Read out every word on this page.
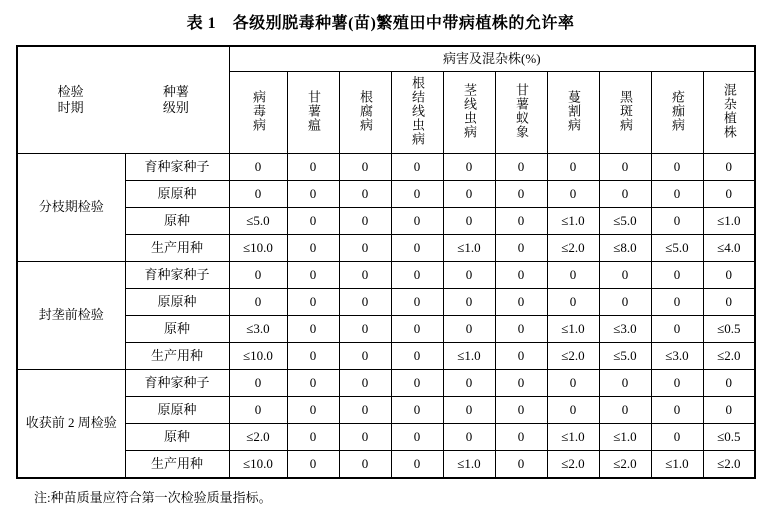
表 1　各级别脱毒种薯(苗)繁殖田中带病植株的允许率
检验
时期
种薯
级别		病害及混杂株(%)									
		病毒病	甘薯瘟	根腐病	根结线虫病	茎线虫病	甘薯蚁象	蔓割病	黑斑病	疮痂病	混杂植株
分枝期检验	育种家种子	0	0	0	0	0	0	0	0	0	0
	原原种	0	0	0	0	0	0	0	0	0	0
	原种	≤5.0	0	0	0	0	0	≤1.0	≤5.0	0	≤1.0
	生产用种	≤10.0	0	0	0	≤1.0	0	≤2.0	≤8.0	≤5.0	≤4.0
封垄前检验	育种家种子	0	0	0	0	0	0	0	0	0	0
	原原种	0	0	0	0	0	0	0	0	0	0
	原种	≤3.0	0	0	0	0	0	≤1.0	≤3.0	0	≤0.5
	生产用种	≤10.0	0	0	0	≤1.0	0	≤2.0	≤5.0	≤3.0	≤2.0
收获前 2 周检验	育种家种子	0	0	0	0	0	0	0	0	0	0
	原原种	0	0	0	0	0	0	0	0	0	0
	原种	≤2.0	0	0	0	0	0	≤1.0	≤1.0	0	≤0.5
	生产用种	≤10.0	0	0	0	≤1.0	0	≤2.0	≤2.0	≤1.0	≤2.0
注:种苗质量应符合第一次检验质量指标。
